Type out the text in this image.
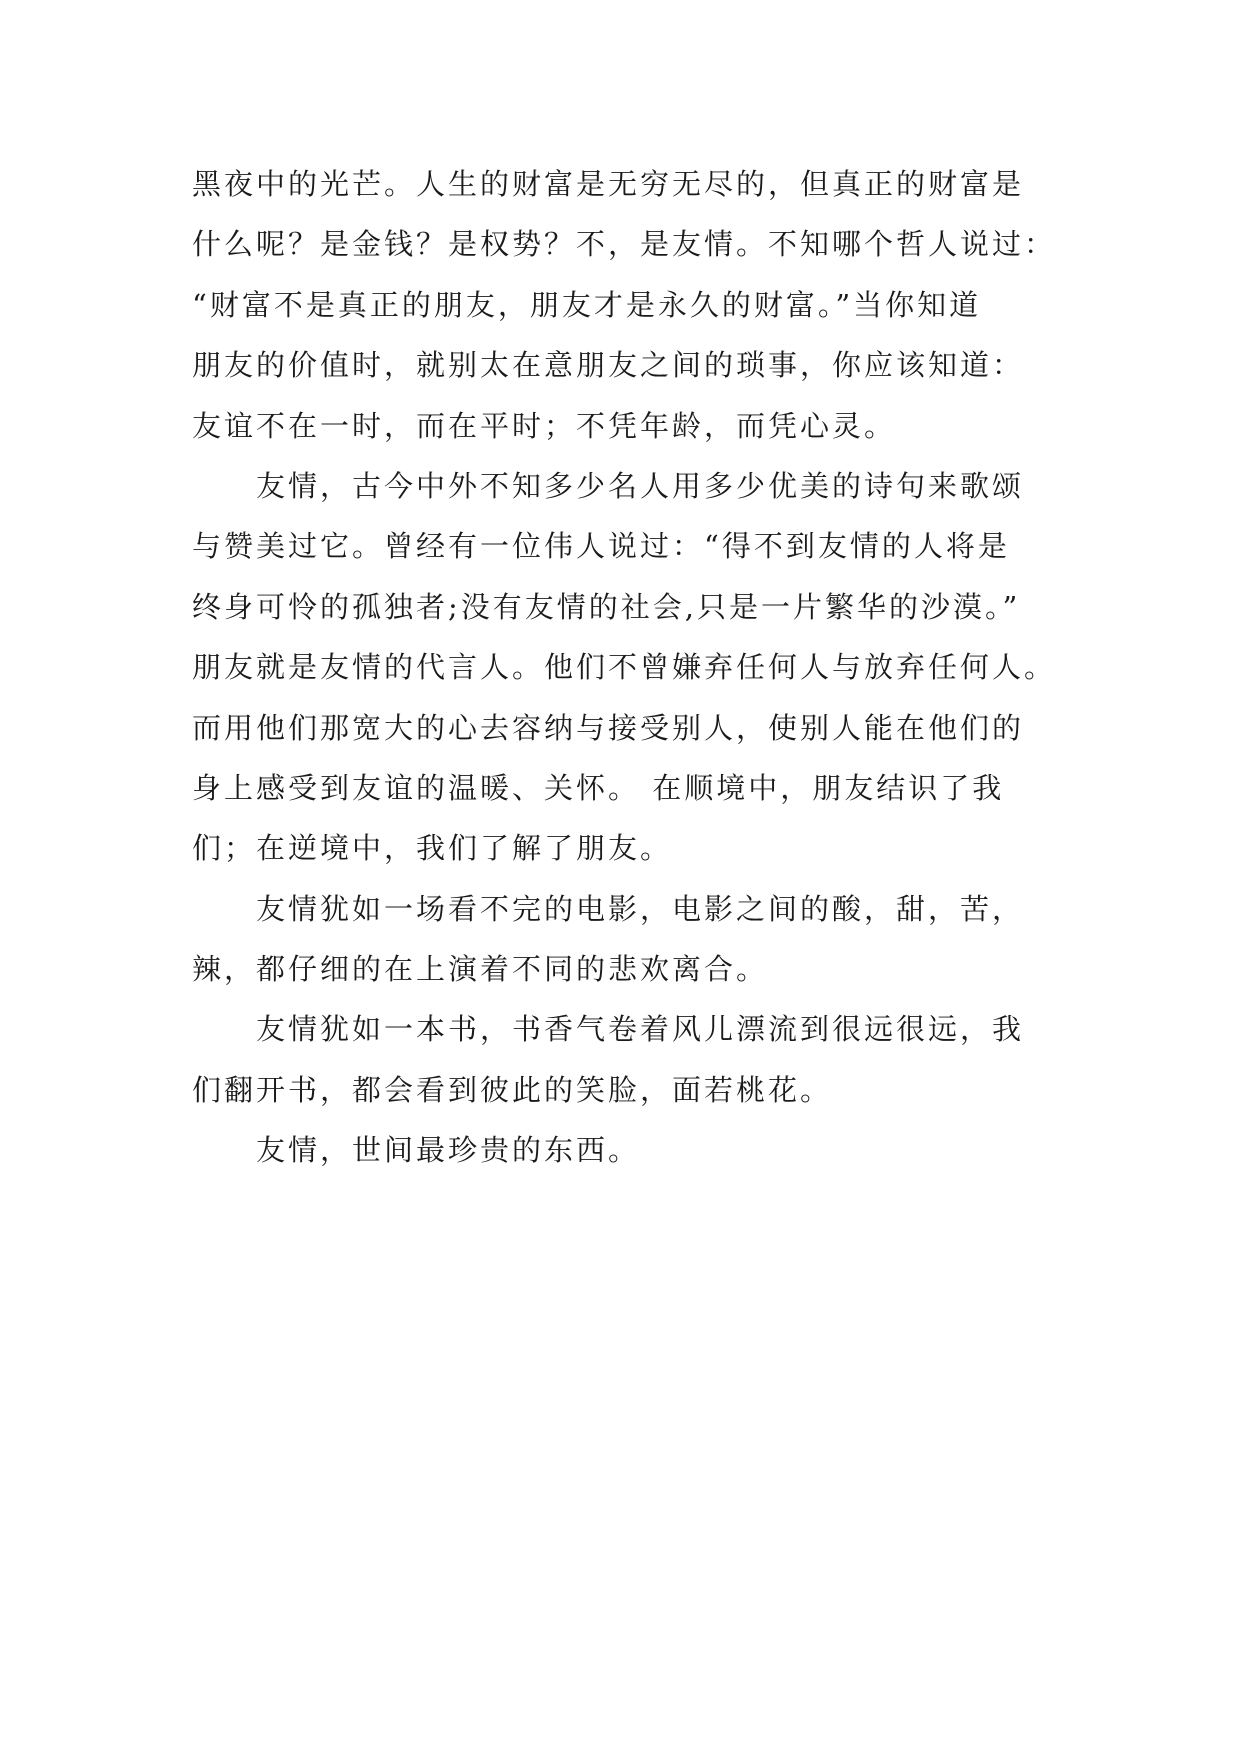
黑夜中的光芒。人生的财富是无穷无尽的，但真正的财富是
什么呢？是金钱？是权势？不，是友情。不知哪个哲人说过：
“财富不是真正的朋友，朋友才是永久的财富。”当你知道
朋友的价值时，就别太在意朋友之间的琐事，你应该知道：
友谊不在一时，而在平时；不凭年龄，而凭心灵。
友情，古今中外不知多少名人用多少优美的诗句来歌颂
与赞美过它。曾经有一位伟人说过：“得不到友情的人将是
终身可怜的孤独者;没有友情的社会,只是一片繁华的沙漠。”
朋友就是友情的代言人。他们不曾嫌弃任何人与放弃任何人。
而用他们那宽大的心去容纳与接受别人，使别人能在他们的
身上感受到友谊的温暖、关怀。 在顺境中，朋友结识了我
们；在逆境中，我们了解了朋友。
友情犹如一场看不完的电影，电影之间的酸，甜，苦，
辣，都仔细的在上演着不同的悲欢离合。
友情犹如一本书，书香气卷着风儿漂流到很远很远，我
们翻开书，都会看到彼此的笑脸，面若桃花。
友情，世间最珍贵的东西。
